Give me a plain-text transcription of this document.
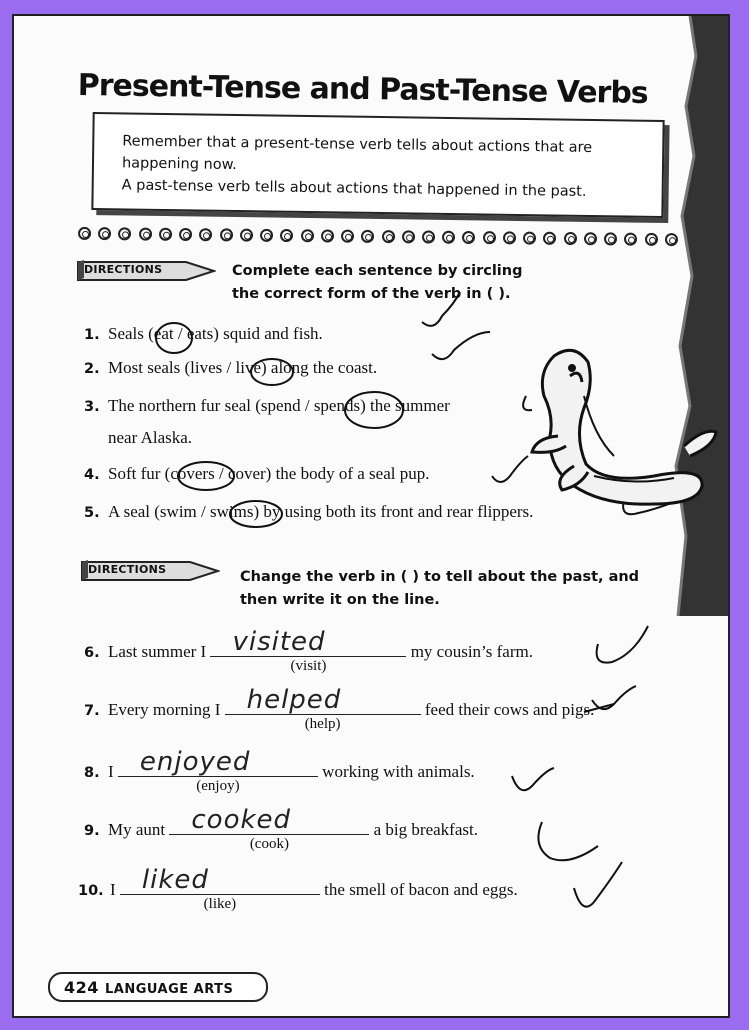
Present-Tense and Past-Tense Verbs

Remember that a present-tense verb tells about actions that are happening now.

A past-tense verb tells about actions that happened in the past.

DIRECTIONS	Complete each sentence by circling the correct form of the verb in ( ).
1. Seals (eat / eats) squid and fish.
2. Most seals (lives / live) along the coast.
3. The northern fur seal (spend / spends) the summer
near Alaska.
4. Soft fur (covers / cover) the body of a seal pup.
5. A seal (swim / swims) by using both its front and rear flippers.
DIRECTIONS	Change the verb in ( ) to tell about the past, and then write it on the line.
6. Last summer I visited
(visit)
my cousin’s farm.
7. Every morning I helped
(help)
feed their cows and pigs.
8. I enjoyed
(enjoy)
working with animals.
9. My aunt cooked
(cook)
a big breakfast.
10. I liked
(like)
the smell of bacon and eggs.
424 LANGUAGE ARTS
